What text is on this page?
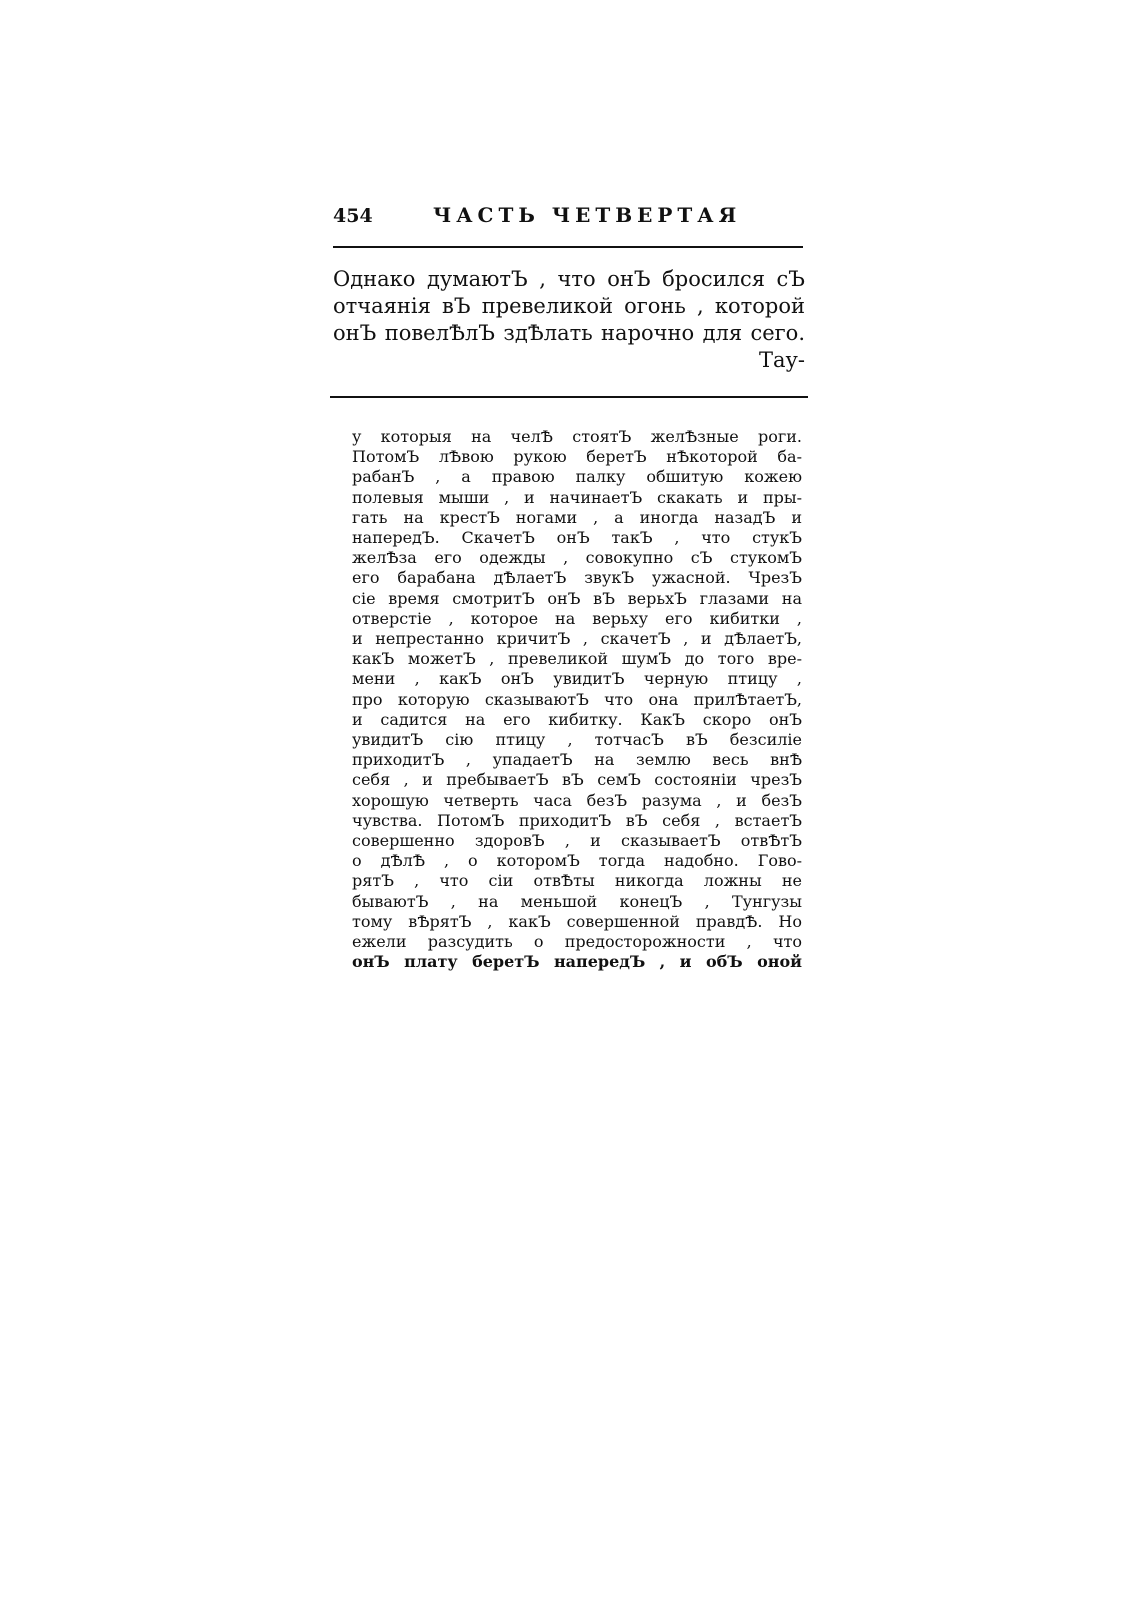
454	ЧАСТЬ ЧЕТВЕРТАЯ
Однако думаютЪ , что онЪ бросился сЪ
отчаянія вЪ превеликой огонь , которой
онЪ повелѢлЪ здѢлать нарочно для сего.
Тау-
у которыя на челѢ стоятЪ желѢзные роги.
ПотомЪ лѢвою рукою беретЪ нѢкоторой ба-
рабанЪ , а правою палку обшитую кожею
полевыя мыши , и начинаетЪ скакать и пры-
гать на крестЪ ногами , а иногда назадЪ и
напередЪ. СкачетЪ онЪ такЪ , что стукЪ
желѢза его одежды , совокупно сЪ стукомЪ
его барабана дѢлаетЪ звукЪ ужасной. ЧрезЪ
сіе время смотритЪ онЪ вЪ верьхЪ глазами на
отверстіе , которое на верьху его кибитки ,
и непрестанно кричитЪ , скачетЪ , и дѢлаетЪ,
какЪ можетЪ , превеликой шумЪ до того вре-
мени , какЪ онЪ увидитЪ черную птицу ,
про которую сказываютЪ что она прилѢтаетЪ,
и садится на его кибитку. КакЪ скоро онЪ
увидитЪ сію птицу , тотчасЪ вЪ безсиліе
приходитЪ , упадаетЪ на землю весь внѢ
себя , и пребываетЪ вЪ семЪ состояніи чрезЪ
хорошую четверть часа безЪ разума , и безЪ
чувства. ПотомЪ приходитЪ вЪ себя , встаетЪ
совершенно здоровЪ , и сказываетЪ отвѢтЪ
о дѢлѢ , о которомЪ тогда надобно. Гово-
рятЪ , что сіи отвѢты никогда ложны не
бываютЪ , на меньшой конецЪ , Тунгузы
тому вѢрятЪ , какЪ совершенной правдѢ. Но
ежели разсудить о предосторожности , что
онЪ плату беретЪ напередЪ , и обЪ оной
